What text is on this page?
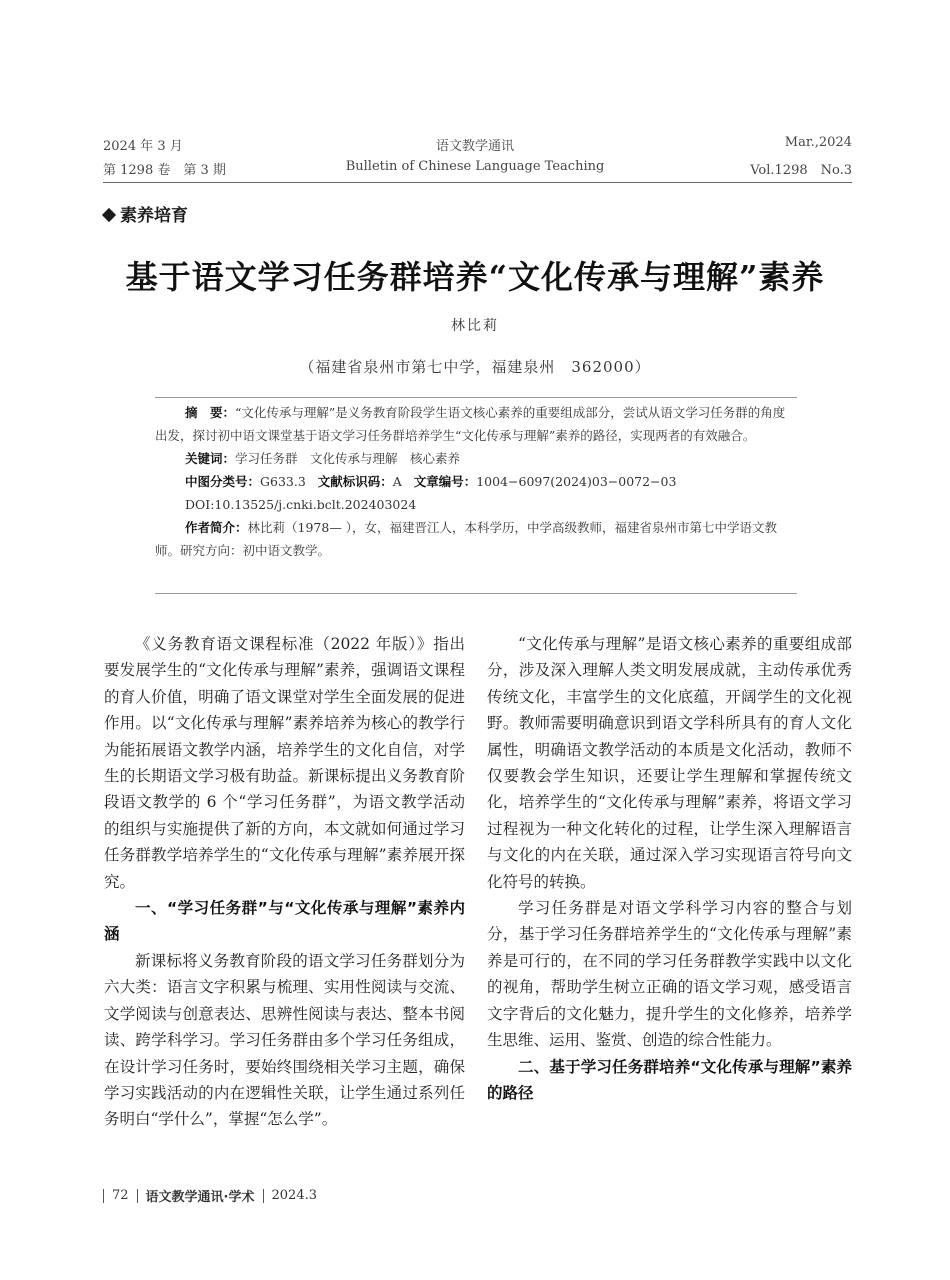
2024 年 3 月
第 1298 卷　第 3 期
语文教学通讯
Bulletin of Chinese Language Teaching
Mar.,2024
Vol.1298　No.3
素养培育
基于语文学习任务群培养“文化传承与理解”素养
林比莉
（福建省泉州市第七中学，福建泉州　362000）

摘　要：“文化传承与理解”是义务教育阶段学生语文核心素养的重要组成部分，尝试从语文学习任务群的角度出发，探讨初中语文课堂基于语文学习任务群培养学生“文化传承与理解”素养的路径，实现两者的有效融合。

关键词：学习任务群　文化传承与理解　核心素养

中图分类号：G633.3 文献标识码：A 文章编号：1004−6097(2024)03−0072−03

DOI:10.13525/j.cnki.bclt.202403024

作者简介：林比莉（1978— ），女，福建晋江人，本科学历，中学高级教师，福建省泉州市第七中学语文教师。研究方向：初中语文教学。

《义务教育语文课程标准（2022 年版）》指出要发展学生的“文化传承与理解”素养，强调语文课程的育人价值，明确了语文课堂对学生全面发展的促进作用。以“文化传承与理解”素养培养为核心的教学行为能拓展语文教学内涵，培养学生的文化自信，对学生的长期语文学习极有助益。新课标提出义务教育阶段语文教学的 6 个“学习任务群”，为语文教学活动的组织与实施提供了新的方向，本文就如何通过学习任务群教学培养学生的“文化传承与理解”素养展开探究。

一、“学习任务群”与“文化传承与理解”素养内涵

新课标将义务教育阶段的语文学习任务群划分为六大类：语言文字积累与梳理、实用性阅读与交流、文学阅读与创意表达、思辨性阅读与表达、整本书阅读、跨学科学习。学习任务群由多个学习任务组成，在设计学习任务时，要始终围绕相关学习主题，确保学习实践活动的内在逻辑性关联，让学生通过系列任务明白“学什么”，掌握“怎么学”。

“文化传承与理解”是语文核心素养的重要组成部分，涉及深入理解人类文明发展成就，主动传承优秀传统文化，丰富学生的文化底蕴，开阔学生的文化视野。教师需要明确意识到语文学科所具有的育人文化属性，明确语文教学活动的本质是文化活动，教师不仅要教会学生知识，还要让学生理解和掌握传统文化，培养学生的“文化传承与理解”素养，将语文学习过程视为一种文化转化的过程，让学生深入理解语言与文化的内在关联，通过深入学习实现语言符号向文化符号的转换。

学习任务群是对语文学科学习内容的整合与划分，基于学习任务群培养学生的“文化传承与理解”素养是可行的，在不同的学习任务群教学实践中以文化的视角，帮助学生树立正确的语文学习观，感受语言文字背后的文化魅力，提升学生的文化修养，培养学生思维、运用、鉴赏、创造的综合性能力。

二、基于学习任务群培养“文化传承与理解”素养的路径
72 语文教学通讯·学术 2024.3
